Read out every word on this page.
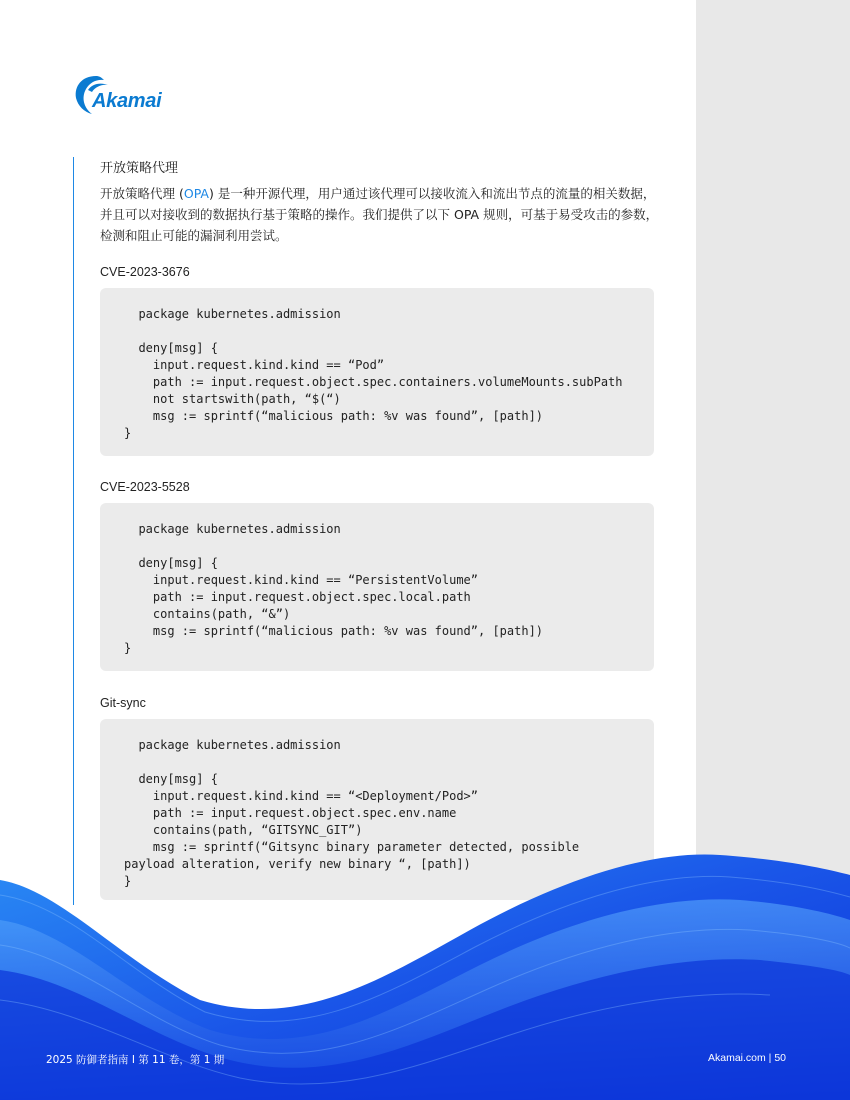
Akamai
开放策略代理
开放策略代理 (OPA) 是一种开源代理，用户通过该代理可以接收流入和流出节点的流量的相关数据，并且可以对接收到的数据执行基于策略的操作。我们提供了以下 OPA 规则，可基于易受攻击的参数，检测和阻止可能的漏洞利用尝试。
CVE-2023-3676
package kubernetes.admission

deny[msg] {
input.request.kind.kind == “Pod”
path := input.request.object.spec.containers.volumeMounts.subPath
not startswith(path, “$(“)
msg := sprintf(“malicious path: %v was found”, [path])
}
CVE-2023-5528
package kubernetes.admission

deny[msg] {
input.request.kind.kind == “PersistentVolume”
path := input.request.object.spec.local.path
contains(path, “&”)
msg := sprintf(“malicious path: %v was found”, [path])
}
Git-sync
package kubernetes.admission

deny[msg] {
input.request.kind.kind == “<Deployment/Pod>”
path := input.request.object.spec.env.name
contains(path, “GITSYNC_GIT”)
msg := sprintf(“Gitsync binary parameter detected, possible
payload alteration, verify new binary “, [path])
}
2025 防御者指南 I 第 11 卷，第 1 期	Akamai.com | 50
